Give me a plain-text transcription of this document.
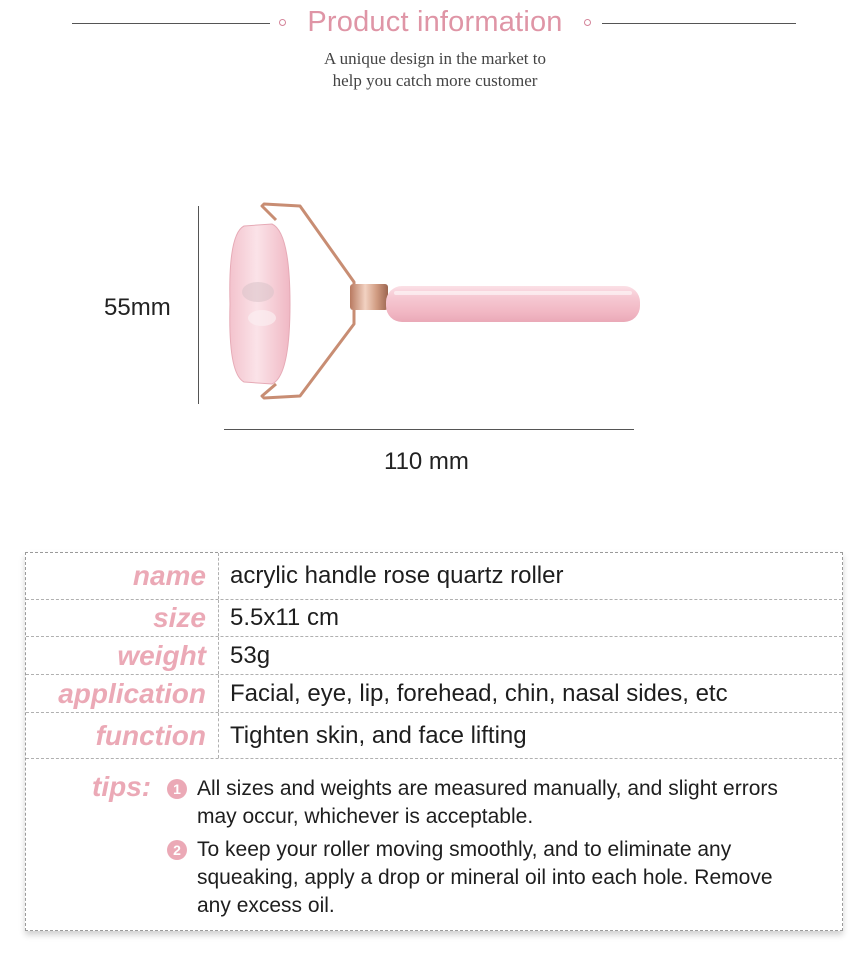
Product information
A unique design in the market to
help you catch more customer
55mm
110 mm
name acrylic handle rose quartz roller
size 5.5x11 cm
weight 53g
application Facial, eye, lip, forehead, chin, nasal sides, etc
function Tighten skin, and face lifting
tips:	1 All sizes and weights are measured manually, and slight errors may occur, whichever is acceptable.
2 To keep your roller moving smoothly, and to eliminate any squeaking, apply a drop or mineral oil into each hole. Remove any excess oil.
